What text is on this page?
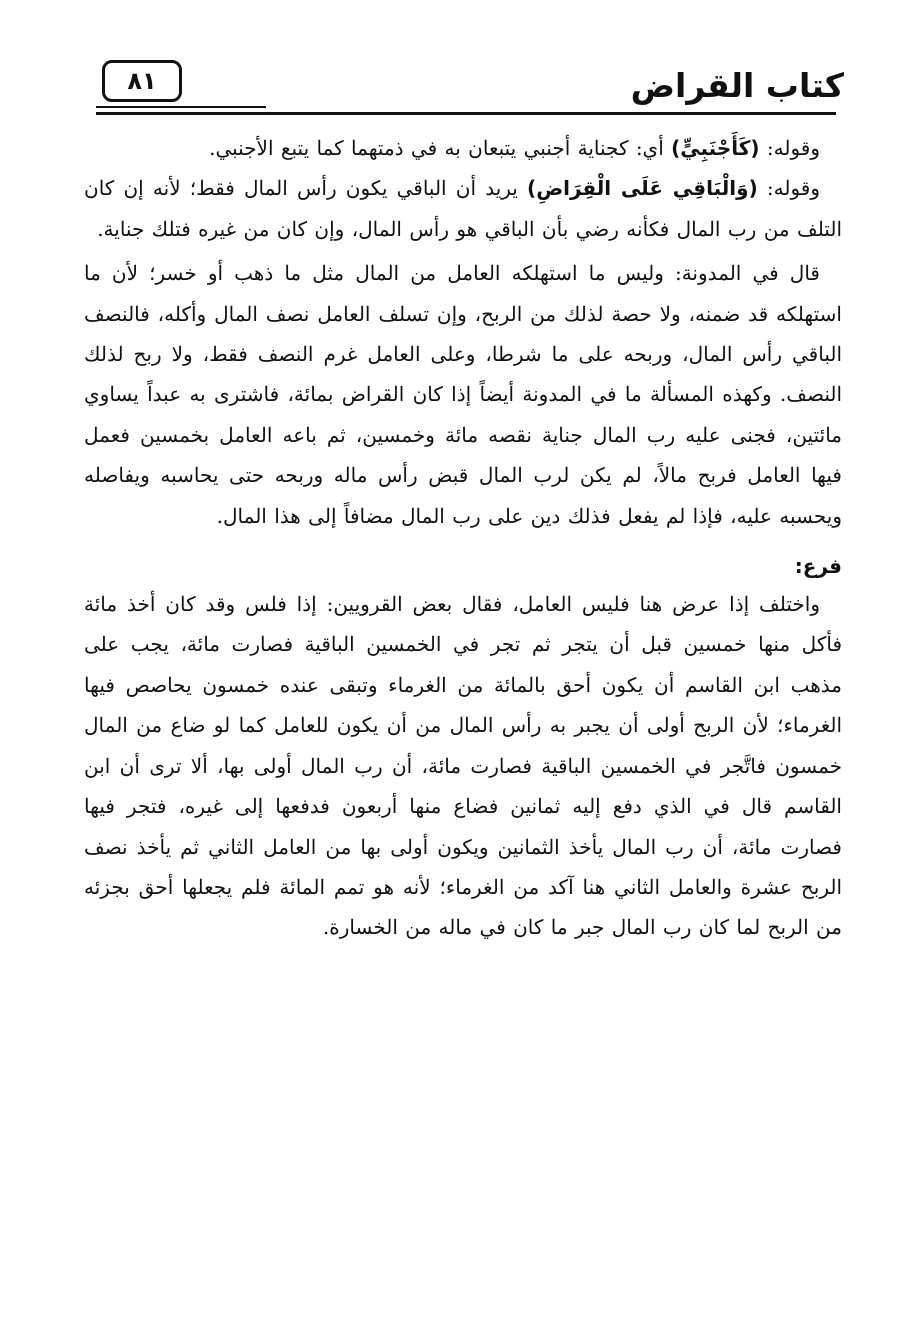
كتاب القراض
٨١

وقوله: (كَأَجْنَبِيٍّ) أي: كجناية أجنبي يتبعان به في ذمتهما كما يتبع الأجنبي.

وقوله: (وَالْبَاقِي عَلَى الْقِرَاضِ) يريد أن الباقي يكون رأس المال فقط؛ لأنه إن كان التلف من رب المال فكأنه رضي بأن الباقي هو رأس المال، وإن كان من غيره فتلك جناية.

قال في المدونة: وليس ما استهلكه العامل من المال مثل ما ذهب أو خسر؛ لأن ما استهلكه قد ضمنه، ولا حصة لذلك من الربح، وإن تسلف العامل نصف المال وأكله، فالنصف الباقي رأس المال، وربحه على ما شرطا، وعلى العامل غرم النصف فقط، ولا ربح لذلك النصف. وكهذه المسألة ما في المدونة أيضاً إذا كان القراض بمائة، فاشترى به عبداً يساوي مائتين، فجنى عليه رب المال جناية نقصه مائة وخمسين، ثم باعه العامل بخمسين فعمل فيها العامل فربح مالاً، لم يكن لرب المال قبض رأس ماله وربحه حتى يحاسبه ويفاصله ويحسبه عليه، فإذا لم يفعل فذلك دين على رب المال مضافاً إلى هذا المال.

فرع:

واختلف إذا عرض هنا فليس العامل، فقال بعض القرويين: إذا فلس وقد كان أخذ مائة فأكل منها خمسين قبل أن يتجر ثم تجر في الخمسين الباقية فصارت مائة، يجب على مذهب ابن القاسم أن يكون أحق بالمائة من الغرماء وتبقى عنده خمسون يحاصص فيها الغرماء؛ لأن الربح أولى أن يجبر به رأس المال من أن يكون للعامل كما لو ضاع من المال خمسون فاتَّجر في الخمسين الباقية فصارت مائة، أن رب المال أولى بها، ألا ترى أن ابن القاسم قال في الذي دفع إليه ثمانين فضاع منها أربعون فدفعها إلى غيره، فتجر فيها فصارت مائة، أن رب المال يأخذ الثمانين ويكون أولى بها من العامل الثاني ثم يأخذ نصف الربح عشرة والعامل الثاني هنا آكد من الغرماء؛ لأنه هو تمم المائة فلم يجعلها أحق بجزئه من الربح لما كان رب المال جبر ما كان في ماله من الخسارة.
